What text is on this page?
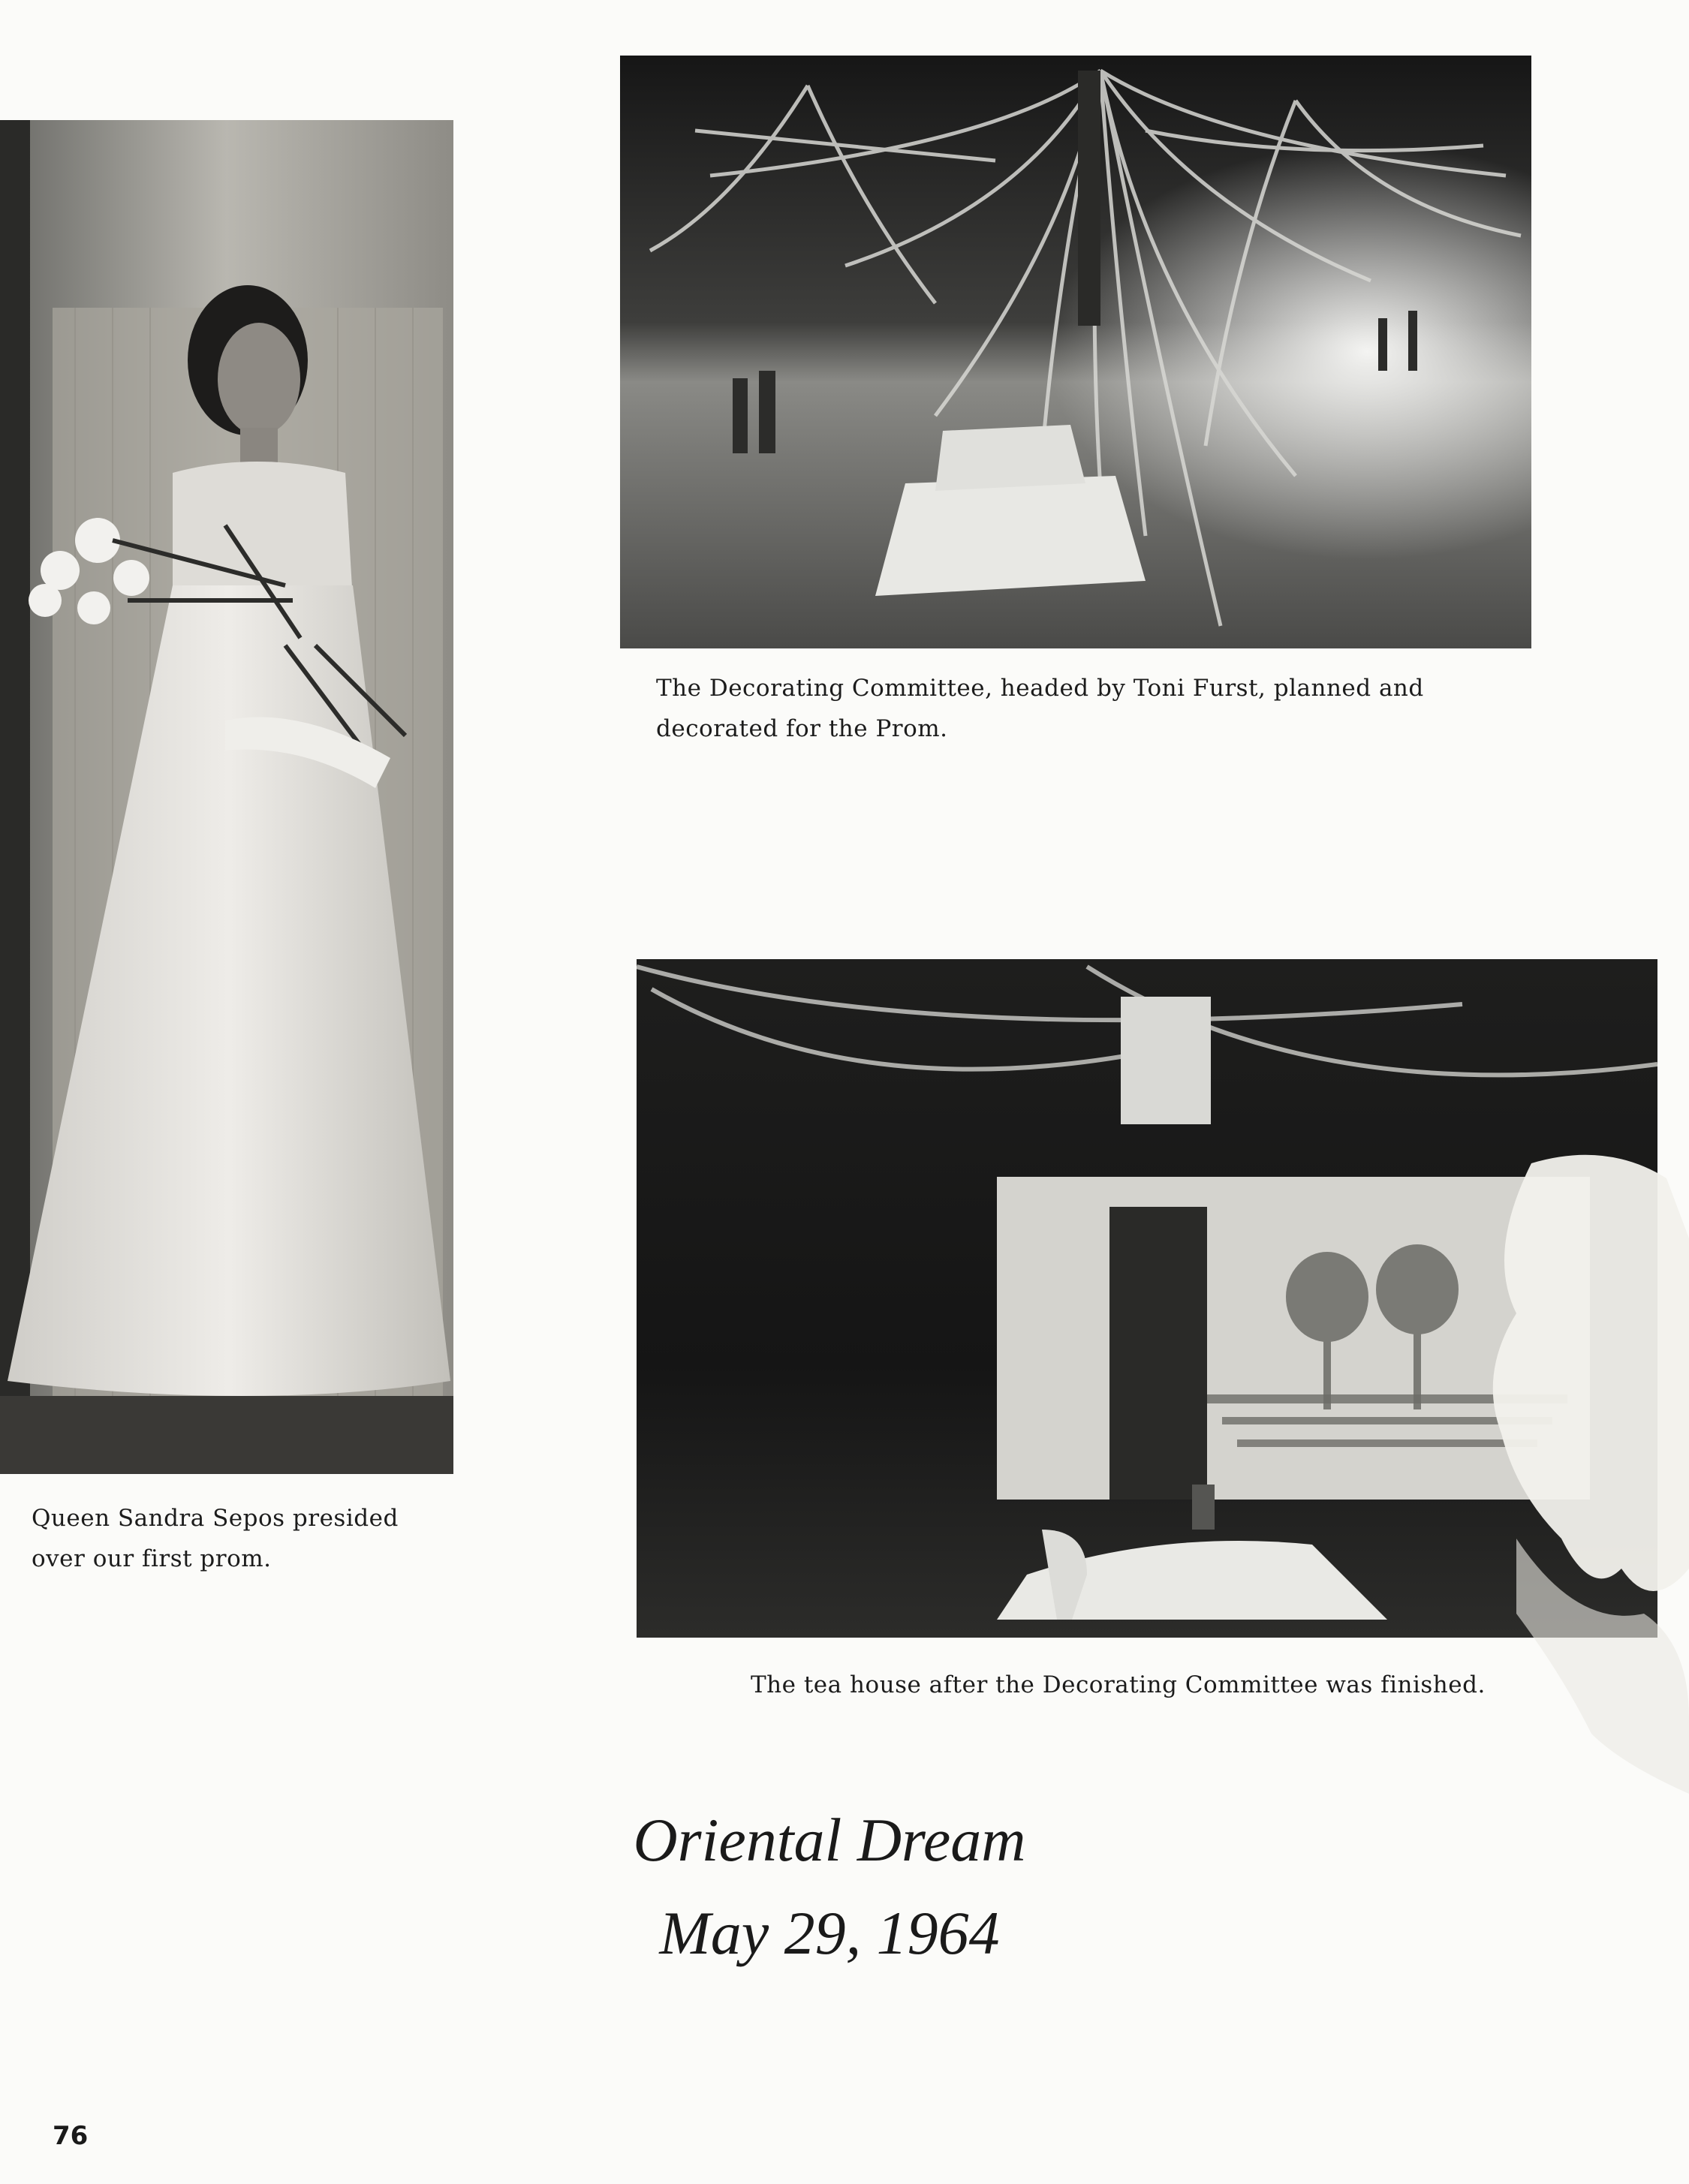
Queen Sandra Sepos presided
over our first prom.
The Decorating Committee, headed by Toni Furst, planned and
decorated for the Prom.
The tea house after the Decorating Committee was finished.
Oriental Dream
May 29, 1964
76
